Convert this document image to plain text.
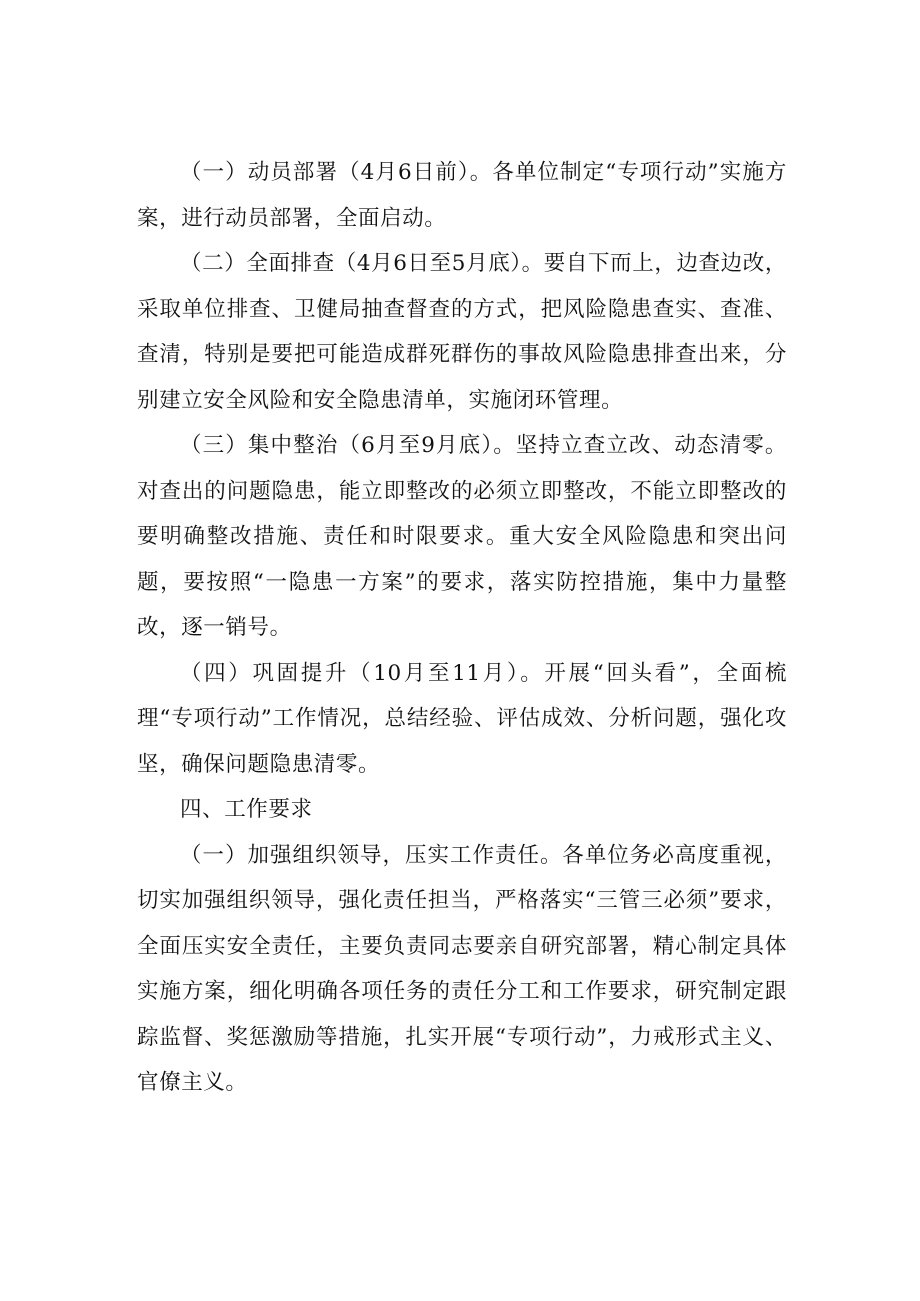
（一）动员部署（4月6日前）。各单位制定“专项行动”实施方案，进行动员部署，全面启动。

（二）全面排查（4月6日至5月底）。要自下而上，边查边改，采取单位排查、卫健局抽查督查的方式，把风险隐患查实、查准、查清，特别是要把可能造成群死群伤的事故风险隐患排查出来，分别建立安全风险和安全隐患清单，实施闭环管理。

（三）集中整治（6月至9月底）。坚持立查立改、动态清零。对查出的问题隐患，能立即整改的必须立即整改，不能立即整改的要明确整改措施、责任和时限要求。重大安全风险隐患和突出问题，要按照“一隐患一方案”的要求，落实防控措施，集中力量整改，逐一销号。

（四）巩固提升（10月至11月）。开展“回头看”，全面梳理“专项行动”工作情况，总结经验、评估成效、分析问题，强化攻坚，确保问题隐患清零。

四、工作要求

（一）加强组织领导，压实工作责任。各单位务必高度重视，切实加强组织领导，强化责任担当，严格落实“三管三必须”要求，全面压实安全责任，主要负责同志要亲自研究部署，精心制定具体实施方案，细化明确各项任务的责任分工和工作要求，研究制定跟踪监督、奖惩激励等措施，扎实开展“专项行动”，力戒形式主义、官僚主义。
